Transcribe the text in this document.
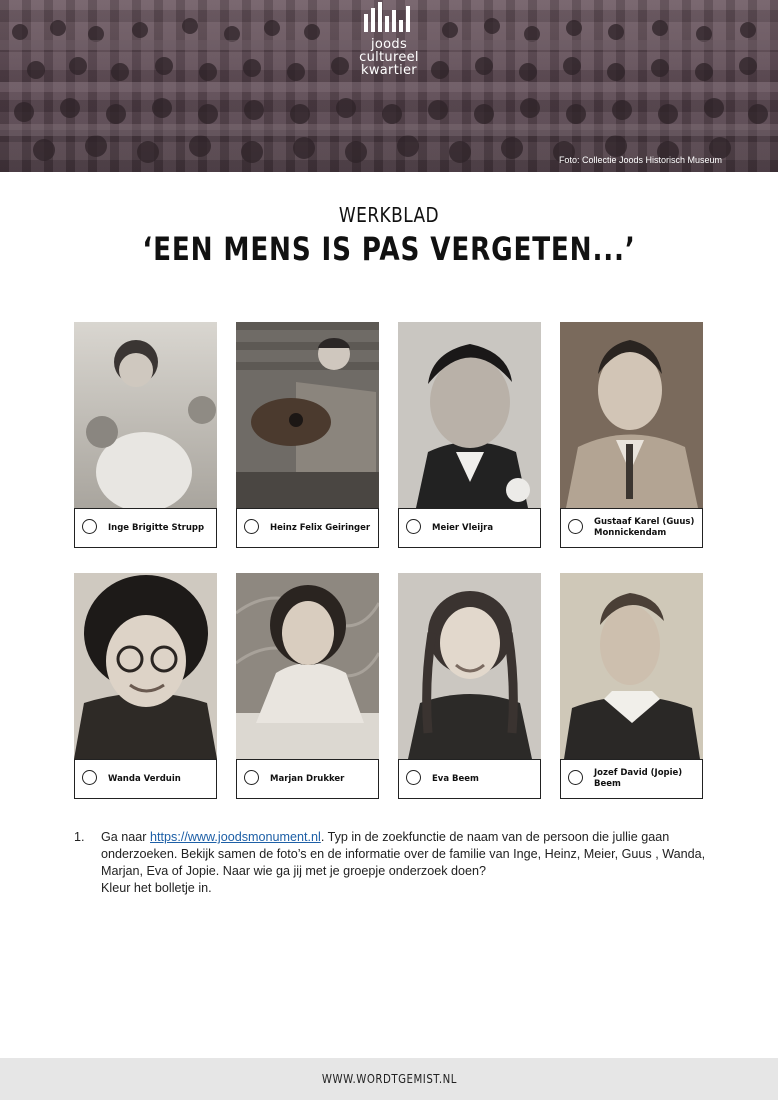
joods
cultureel
kwartier
Foto: Collectie Joods Historisch Museum
WERKBLAD
‘EEN MENS IS PAS VERGETEN...’
Inge Brigitte Strupp	Heinz Felix Geiringer	Meier Vleijra
Gustaaf Karel (Guus) Monnickendam
Wanda Verduin	Marjan Drukker	Eva Beem
Jozef David (Jopie) Beem
1. Ga naar https://www.joodsmonument.nl. Typ in de zoekfunctie de naam van de persoon die jullie gaan onderzoeken. Bekijk samen de foto’s en de informatie over de familie van Inge, Heinz, Meier, Guus , Wanda, Marjan, Eva of Jopie. Naar wie ga jij met je groepje onderzoek doen?
Kleur het bolletje in.
WWW.WORDTGEMIST.NL
